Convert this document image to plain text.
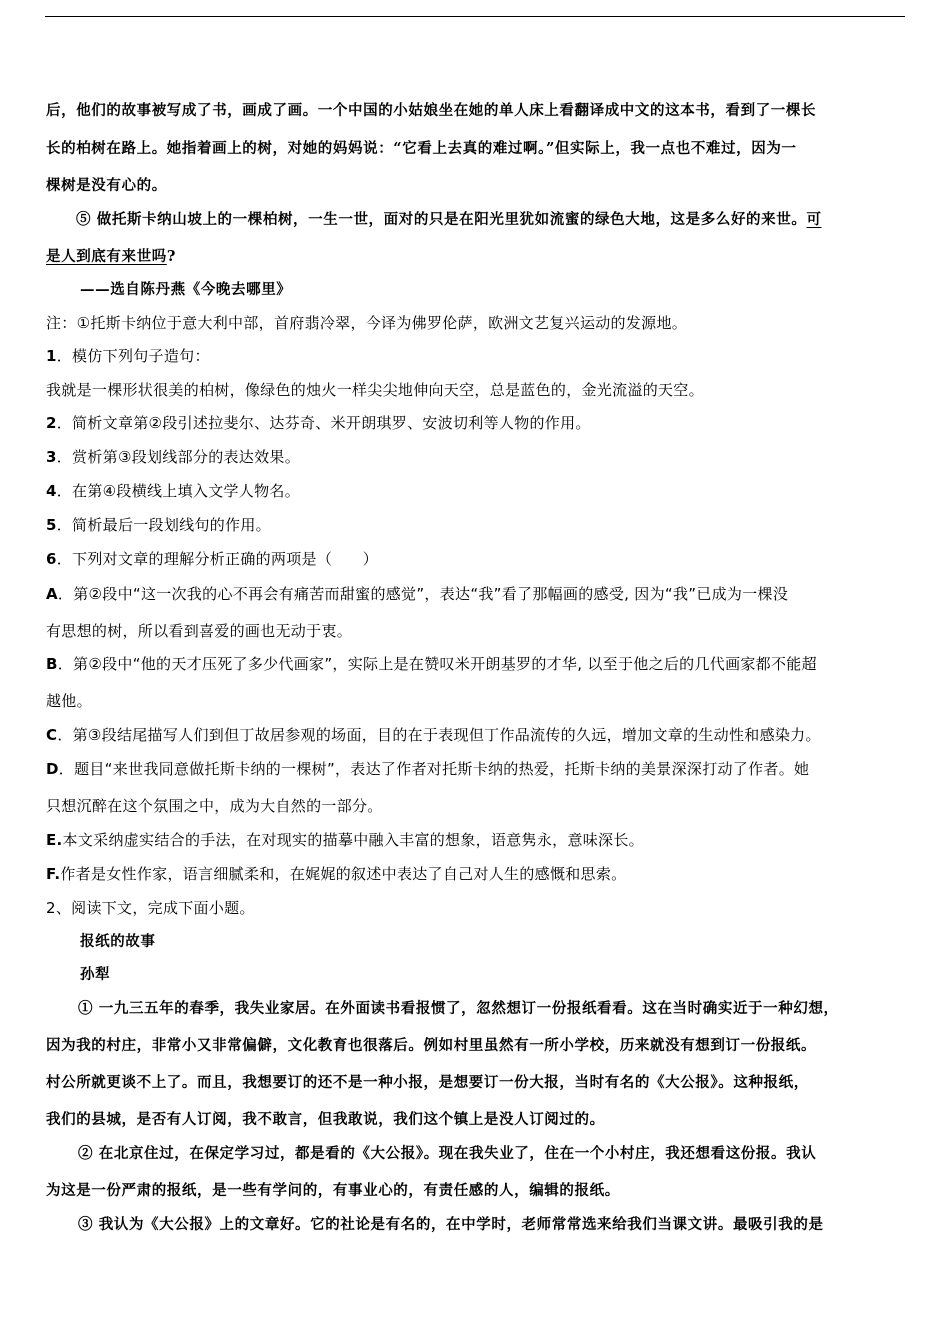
后，他们的故事被写成了书，画成了画。一个中国的小姑娘坐在她的单人床上看翻译成中文的这本书，看到了一棵长
长的柏树在路上。她指着画上的树，对她的妈妈说：“它看上去真的难过啊。”但实际上，我一点也不难过，因为一
棵树是没有心的。
⑤ 做托斯卡纳山坡上的一棵柏树，一生一世，面对的只是在阳光里犹如流蜜的绿色大地，这是多么好的来世。可
是人到底有来世吗?
——选自陈丹燕《今晚去哪里》
注：①托斯卡纳位于意大利中部，首府翡冷翠，今译为佛罗伦萨，欧洲文艺复兴运动的发源地。
1．模仿下列句子造句：
我就是一棵形状很美的柏树，像绿色的烛火一样尖尖地伸向天空，总是蓝色的，金光流溢的天空。
2．简析文章第②段引述拉斐尔、达芬奇、米开朗琪罗、安波切利等人物的作用。
3．赏析第③段划线部分的表达效果。
4．在第④段横线上填入文学人物名。
5．简析最后一段划线句的作用。
6．下列对文章的理解分析正确的两项是（　　）
A．第②段中“这一次我的心不再会有痛苦而甜蜜的感觉”，表达“我”看了那幅画的感受, 因为“我”已成为一棵没
有思想的树，所以看到喜爱的画也无动于衷。
B．第②段中“他的天才压死了多少代画家”，实际上是在赞叹米开朗基罗的才华, 以至于他之后的几代画家都不能超
越他。
C．第③段结尾描写人们到但丁故居参观的场面，目的在于表现但丁作品流传的久远，增加文章的生动性和感染力。
D．题目“来世我同意做托斯卡纳的一棵树”，表达了作者对托斯卡纳的热爱，托斯卡纳的美景深深打动了作者。她
只想沉醉在这个氛围之中，成为大自然的一部分。
E.本文采纳虚实结合的手法，在对现实的描摹中融入丰富的想象，语意隽永，意味深长。
F.作者是女性作家，语言细腻柔和，在娓娓的叙述中表达了自己对人生的感慨和思索。
2、阅读下文，完成下面小题。
报纸的故事
孙犁
① 一九三五年的春季，我失业家居。在外面读书看报惯了，忽然想订一份报纸看看。这在当时确实近于一种幻想，
因为我的村庄，非常小又非常偏僻，文化教育也很落后。例如村里虽然有一所小学校，历来就没有想到订一份报纸。
村公所就更谈不上了。而且，我想要订的还不是一种小报，是想要订一份大报，当时有名的《大公报》。这种报纸，
我们的县城，是否有人订阅，我不敢言，但我敢说，我们这个镇上是没人订阅过的。
② 在北京住过，在保定学习过，都是看的《大公报》。现在我失业了，住在一个小村庄，我还想看这份报。我认
为这是一份严肃的报纸，是一些有学问的，有事业心的，有责任感的人，编辑的报纸。
③ 我认为《大公报》上的文章好。它的社论是有名的，在中学时，老师常常选来给我们当课文讲。最吸引我的是
